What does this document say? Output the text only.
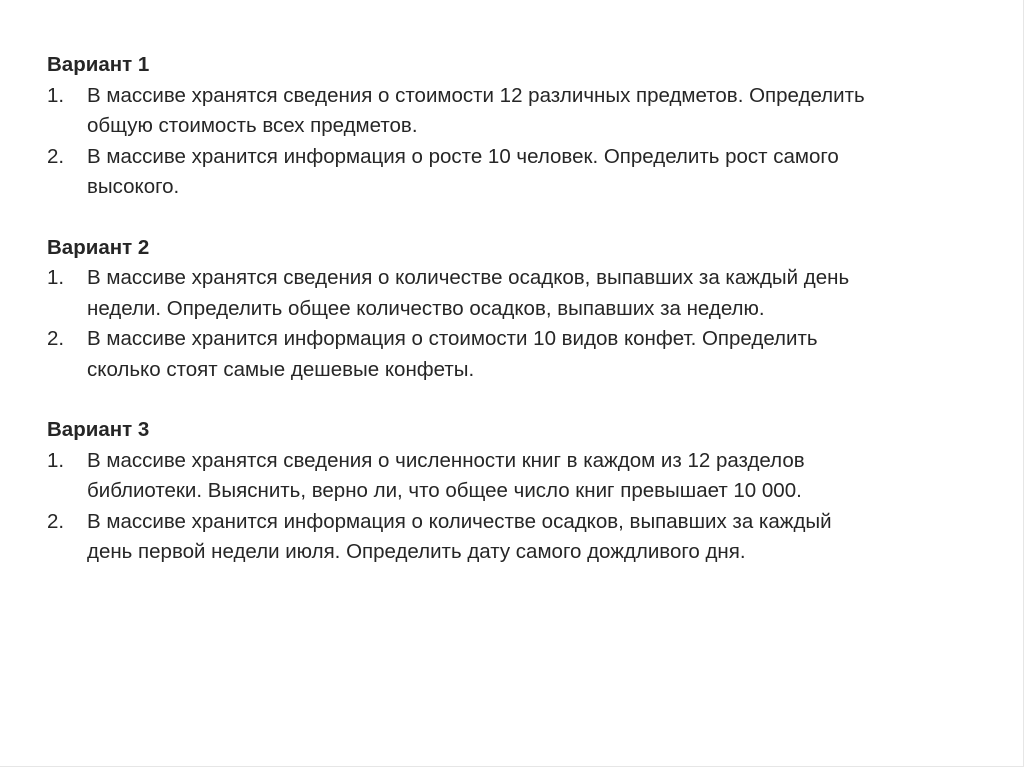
Вариант 1

1.	В массиве хранятся сведения о стоимости 12 различных предметов. Определить
общую стоимость всех предметов.
2.	В массиве хранится информация о росте 10 человек. Определить рост самого
высокого.

Вариант 2

1.	В массиве хранятся сведения о количестве осадков, выпавших за каждый день
недели. Определить общее количество осадков, выпавших за неделю.
2.	В массиве хранится информация о стоимости 10 видов конфет. Определить
сколько стоят самые дешевые конфеты.

Вариант 3

1.	В массиве хранятся сведения о численности книг в каждом из 12 разделов
библиотеки. Выяснить, верно ли, что общее число книг превышает 10 000.
2.	В массиве хранится информация о количестве осадков, выпавших за каждый
день первой недели июля. Определить дату самого дождливого дня.
